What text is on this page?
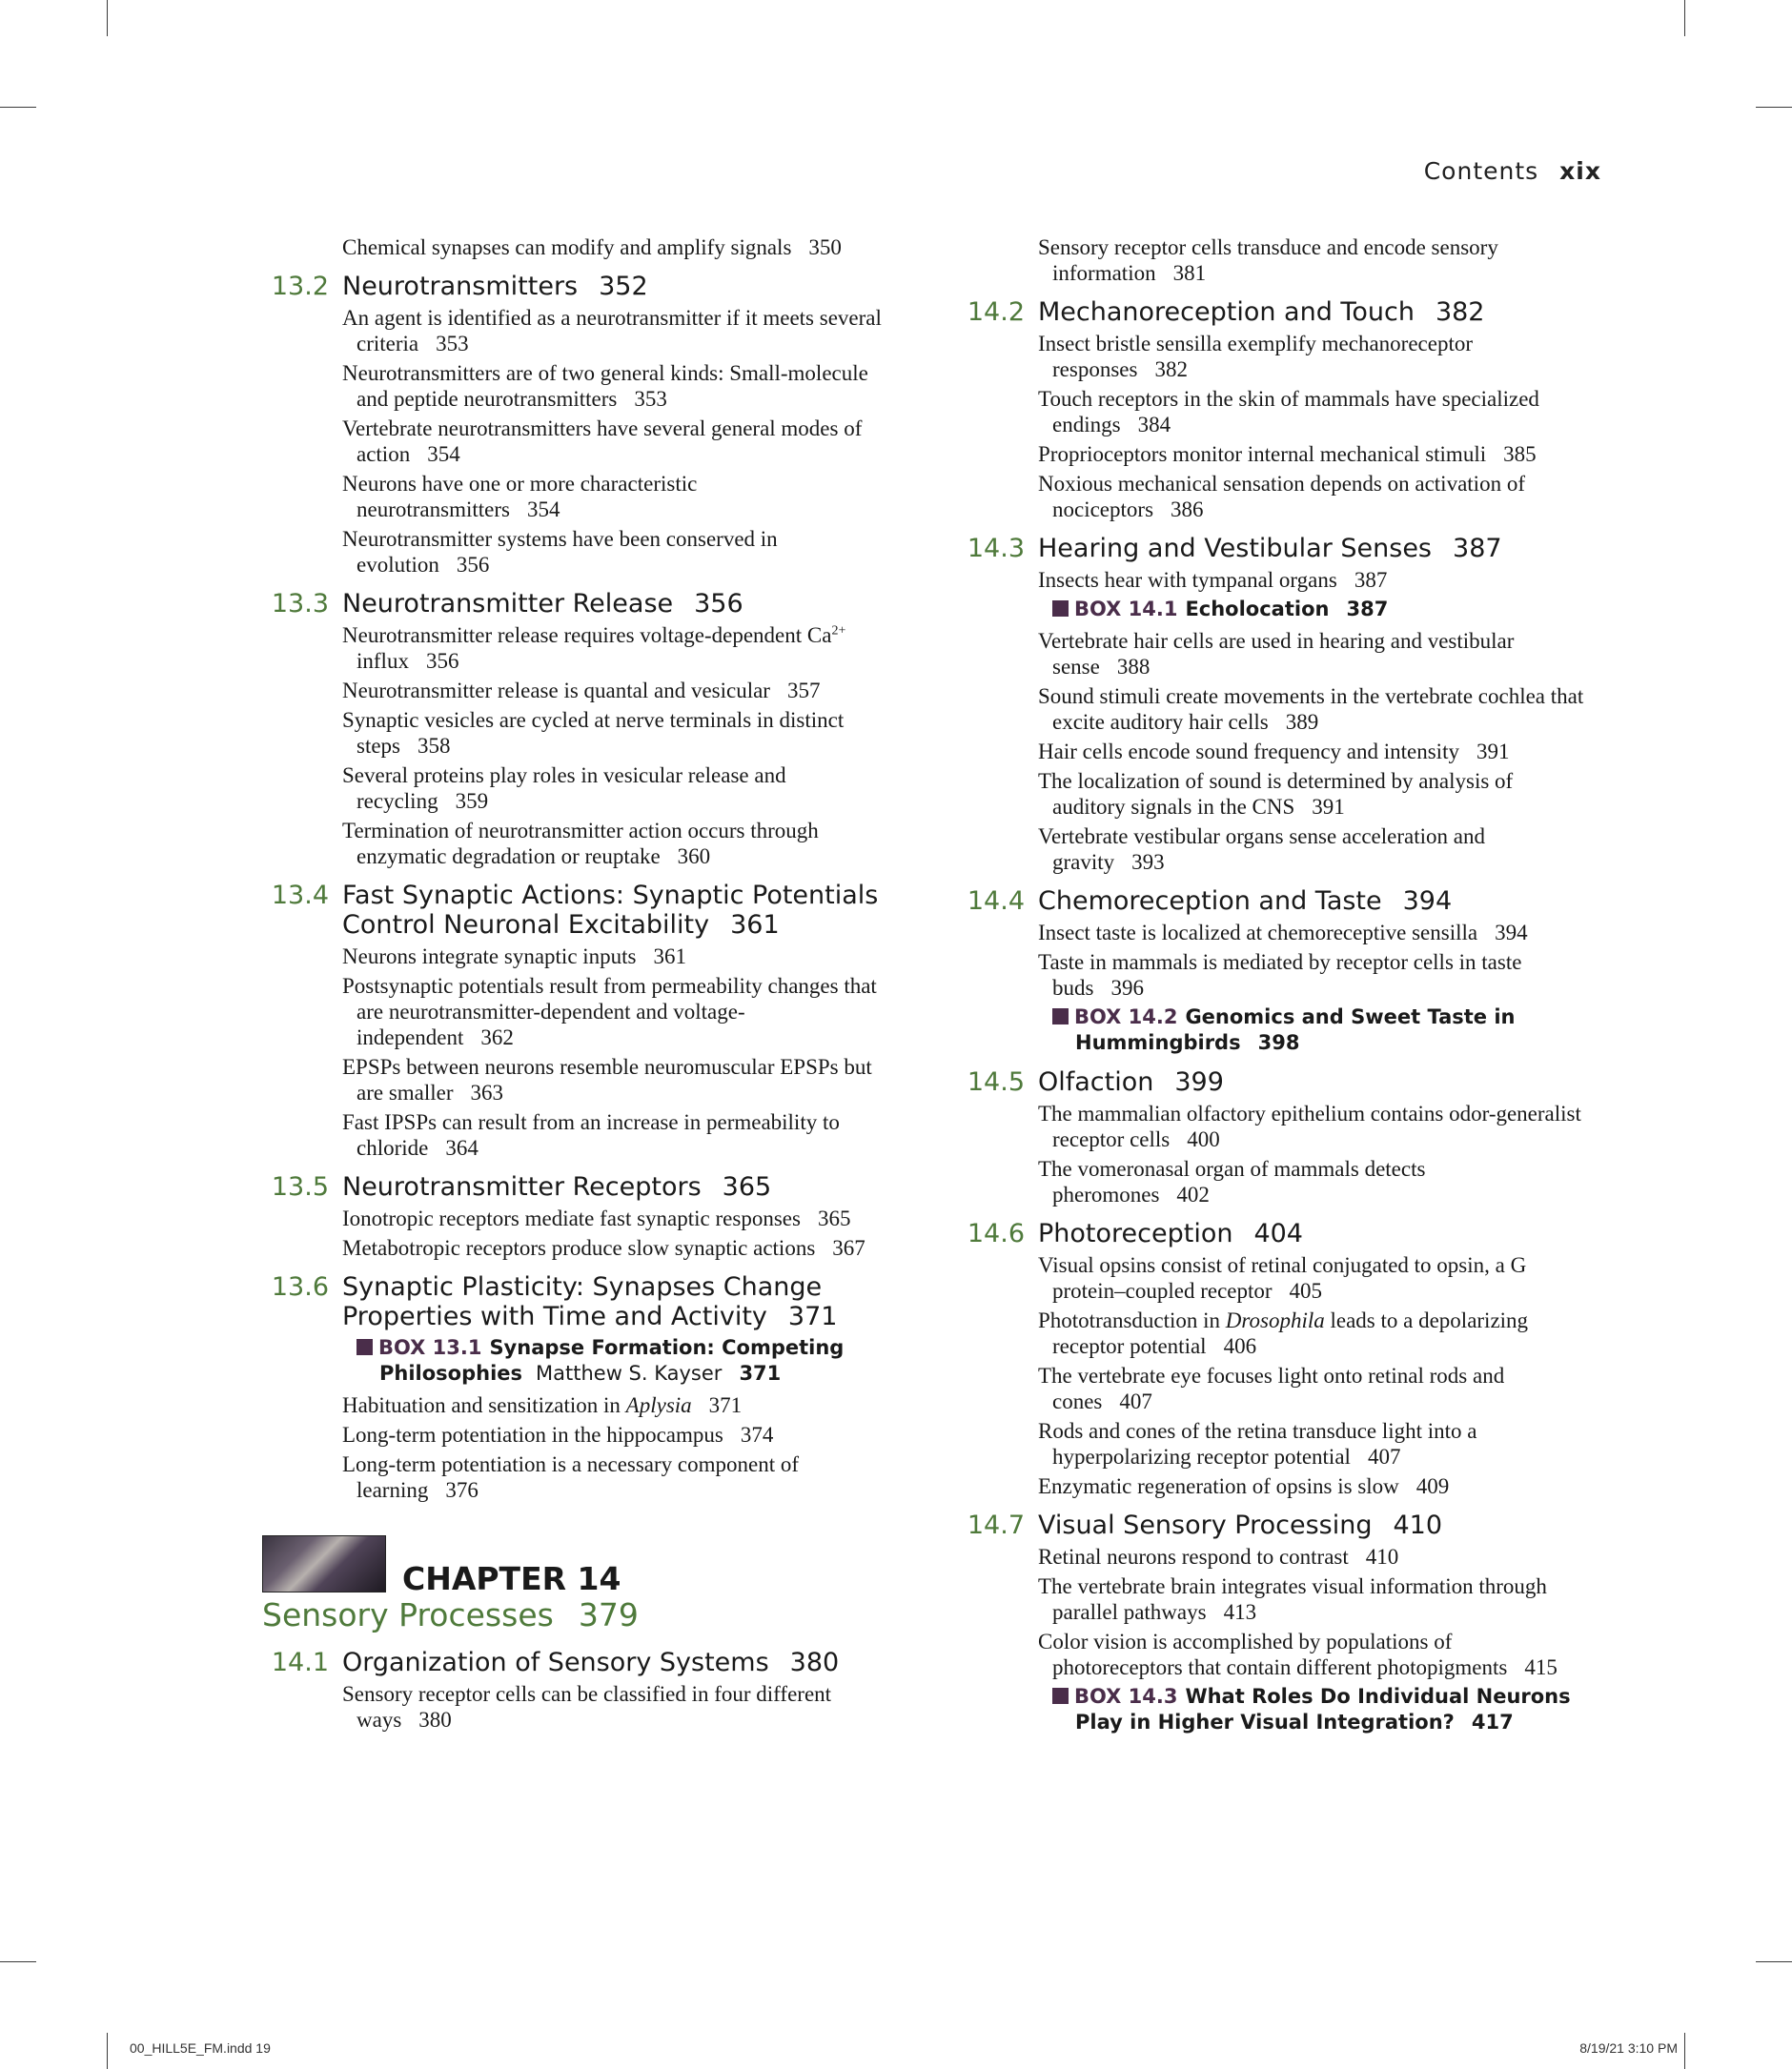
Contents xix
Chemical synapses can modify and amplify signals 350
13.2 Neurotransmitters 352
An agent is identified as a neurotransmitter if it meets several criteria 353
Neurotransmitters are of two general kinds: Small-molecule and peptide neurotransmitters 353
Vertebrate neurotransmitters have several general modes of action 354
Neurons have one or more characteristic neurotransmitters 354
Neurotransmitter systems have been conserved in evolution 356
13.3 Neurotransmitter Release 356
Neurotransmitter release requires voltage-dependent $Ca^{2+}$ influx 356
Neurotransmitter release is quantal and vesicular 357
Synaptic vesicles are cycled at nerve terminals in distinct steps 358
Several proteins play roles in vesicular release and recycling 359
Termination of neurotransmitter action occurs through enzymatic degradation or reuptake 360
13.4 Fast Synaptic Actions: Synaptic Potentials Control Neuronal Excitability 361
Neurons integrate synaptic inputs 361
Postsynaptic potentials result from permeability changes that are neurotransmitter-dependent and voltage-independent 362
EPSPs between neurons resemble neuromuscular EPSPs but are smaller 363
Fast IPSPs can result from an increase in permeability to chloride 364
13.5 Neurotransmitter Receptors 365
Ionotropic receptors mediate fast synaptic responses 365
Metabotropic receptors produce slow synaptic actions 367
13.6 Synaptic Plasticity: Synapses Change Properties with Time and Activity 371
BOX 13.1 Synapse Formation: Competing Philosophies Matthew S. Kayser 371
Habituation and sensitization in Aplysia 371
Long-term potentiation in the hippocampus 374
Long-term potentiation is a necessary component of learning 376
CHAPTER 14
Sensory Processes 379
14.1 Organization of Sensory Systems 380
Sensory receptor cells can be classified in four different ways 380
Sensory receptor cells transduce and encode sensory information 381
14.2 Mechanoreception and Touch 382
Insect bristle sensilla exemplify mechanoreceptor responses 382
Touch receptors in the skin of mammals have specialized endings 384
Proprioceptors monitor internal mechanical stimuli 385
Noxious mechanical sensation depends on activation of nociceptors 386
14.3 Hearing and Vestibular Senses 387
Insects hear with tympanal organs 387
BOX 14.1 Echolocation 387
Vertebrate hair cells are used in hearing and vestibular sense 388
Sound stimuli create movements in the vertebrate cochlea that excite auditory hair cells 389
Hair cells encode sound frequency and intensity 391
The localization of sound is determined by analysis of auditory signals in the CNS 391
Vertebrate vestibular organs sense acceleration and gravity 393
14.4 Chemoreception and Taste 394
Insect taste is localized at chemoreceptive sensilla 394
Taste in mammals is mediated by receptor cells in taste buds 396
BOX 14.2 Genomics and Sweet Taste in Hummingbirds 398
14.5 Olfaction 399
The mammalian olfactory epithelium contains odor-generalist receptor cells 400
The vomeronasal organ of mammals detects pheromones 402
14.6 Photoreception 404
Visual opsins consist of retinal conjugated to opsin, a G protein–coupled receptor 405
Phototransduction in Drosophila leads to a depolarizing receptor potential 406
The vertebrate eye focuses light onto retinal rods and cones 407
Rods and cones of the retina transduce light into a hyperpolarizing receptor potential 407
Enzymatic regeneration of opsins is slow 409
14.7 Visual Sensory Processing 410
Retinal neurons respond to contrast 410
The vertebrate brain integrates visual information through parallel pathways 413
Color vision is accomplished by populations of photoreceptors that contain different photopigments 415
BOX 14.3 What Roles Do Individual Neurons Play in Higher Visual Integration? 417
00_HILL5E_FM.indd 19	8/19/21 3:10 PM
